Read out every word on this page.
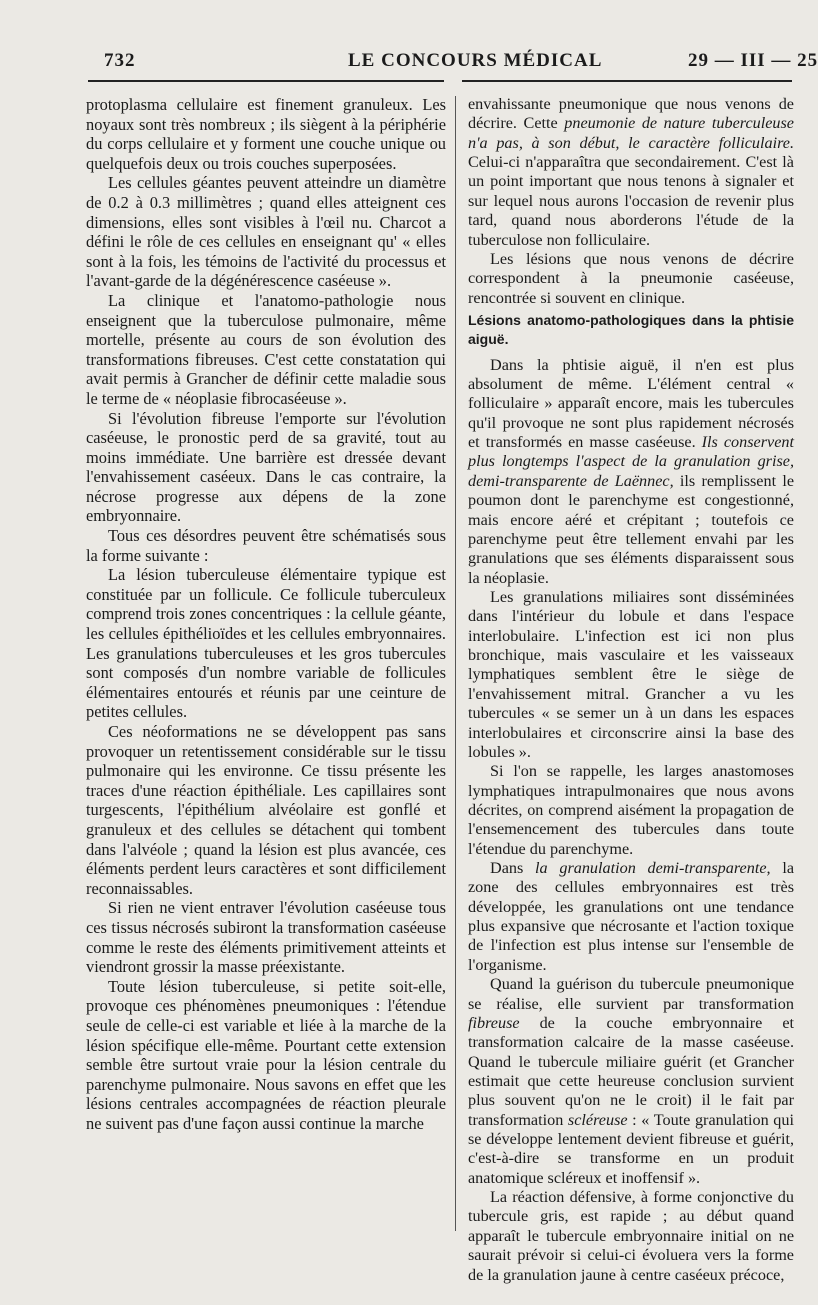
732	LE CONCOURS MÉDICAL	29 — III — 25

protoplasma cellulaire est finement granuleux. Les noyaux sont très nombreux ; ils siègent à la périphérie du corps cellulaire et y forment une couche unique ou quelquefois deux ou trois couches superposées.

Les cellules géantes peuvent atteindre un diamètre de 0.2 à 0.3 millimètres ; quand elles atteignent ces dimensions, elles sont visibles à l'œil nu. Charcot a défini le rôle de ces cellules en enseignant qu' « elles sont à la fois, les témoins de l'activité du processus et l'avant-garde de la dégénérescence caséeuse ».

La clinique et l'anatomo-pathologie nous enseignent que la tuberculose pulmonaire, même mortelle, présente au cours de son évolution des transformations fibreuses. C'est cette constatation qui avait permis à Grancher de définir cette maladie sous le terme de « néoplasie fibrocaséeuse ».

Si l'évolution fibreuse l'emporte sur l'évolution caséeuse, le pronostic perd de sa gravité, tout au moins immédiate. Une barrière est dressée devant l'envahissement caséeux. Dans le cas contraire, la nécrose progresse aux dépens de la zone embryonnaire.

Tous ces désordres peuvent être schématisés sous la forme suivante :

La lésion tuberculeuse élémentaire typique est constituée par un follicule. Ce follicule tuberculeux comprend trois zones concentriques : la cellule géante, les cellules épithélioïdes et les cellules embryonnaires. Les granulations tuberculeuses et les gros tubercules sont composés d'un nombre variable de follicules élémentaires entourés et réunis par une ceinture de petites cellules.

Ces néoformations ne se développent pas sans provoquer un retentissement considérable sur le tissu pulmonaire qui les environne. Ce tissu présente les traces d'une réaction épithéliale. Les capillaires sont turgescents, l'épithélium alvéolaire est gonflé et granuleux et des cellules se détachent qui tombent dans l'alvéole ; quand la lésion est plus avancée, ces éléments perdent leurs caractères et sont difficilement reconnaissables.

Si rien ne vient entraver l'évolution caséeuse tous ces tissus nécrosés subiront la transformation caséeuse comme le reste des éléments primitivement atteints et viendront grossir la masse préexistante.

Toute lésion tuberculeuse, si petite soit-elle, provoque ces phénomènes pneumoniques : l'étendue seule de celle-ci est variable et liée à la marche de la lésion spécifique elle-même. Pourtant cette extension semble être surtout vraie pour la lésion centrale du parenchyme pulmonaire. Nous savons en effet que les lésions centrales accompagnées de réaction pleurale ne suivent pas d'une façon aussi continue la marche

envahissante pneumonique que nous venons de décrire. Cette pneumonie de nature tuberculeuse n'a pas, à son début, le caractère folliculaire. Celui-ci n'apparaîtra que secondairement. C'est là un point important que nous tenons à signaler et sur lequel nous aurons l'occasion de revenir plus tard, quand nous aborderons l'étude de la tuberculose non folliculaire.

Les lésions que nous venons de décrire correspondent à la pneumonie caséeuse, rencontrée si souvent en clinique.

Lésions anatomo-pathologiques dans la phtisie aiguë.

Dans la phtisie aiguë, il n'en est plus absolument de même. L'élément central « folliculaire » apparaît encore, mais les tubercules qu'il provoque ne sont plus rapidement nécrosés et transformés en masse caséeuse. Ils conservent plus longtemps l'aspect de la granulation grise, demi-transparente de Laënnec, ils remplissent le poumon dont le parenchyme est congestionné, mais encore aéré et crépitant ; toutefois ce parenchyme peut être tellement envahi par les granulations que ses éléments disparaissent sous la néoplasie.

Les granulations miliaires sont disséminées dans l'intérieur du lobule et dans l'espace interlobulaire. L'infection est ici non plus bronchique, mais vasculaire et les vaisseaux lymphatiques semblent être le siège de l'envahissement mitral. Grancher a vu les tubercules « se semer un à un dans les espaces interlobulaires et circonscrire ainsi la base des lobules ».

Si l'on se rappelle, les larges anastomoses lymphatiques intrapulmonaires que nous avons décrites, on comprend aisément la propagation de l'ensemencement des tubercules dans toute l'étendue du parenchyme.

Dans la granulation demi-transparente, la zone des cellules embryonnaires est très développée, les granulations ont une tendance plus expansive que nécrosante et l'action toxique de l'infection est plus intense sur l'ensemble de l'organisme.

Quand la guérison du tubercule pneumonique se réalise, elle survient par transformation fibreuse de la couche embryonnaire et transformation calcaire de la masse caséeuse. Quand le tubercule miliaire guérit (et Grancher estimait que cette heureuse conclusion survient plus souvent qu'on ne le croit) il le fait par transformation scléreuse : « Toute granulation qui se développe lentement devient fibreuse et guérit, c'est-à-dire se transforme en un produit anatomique scléreux et inoffensif ».

La réaction défensive, à forme conjonctive du tubercule gris, est rapide ; au début quand apparaît le tubercule embryonnaire initial on ne saurait prévoir si celui-ci évoluera vers la forme de la granulation jaune à centre caséeux précoce,
